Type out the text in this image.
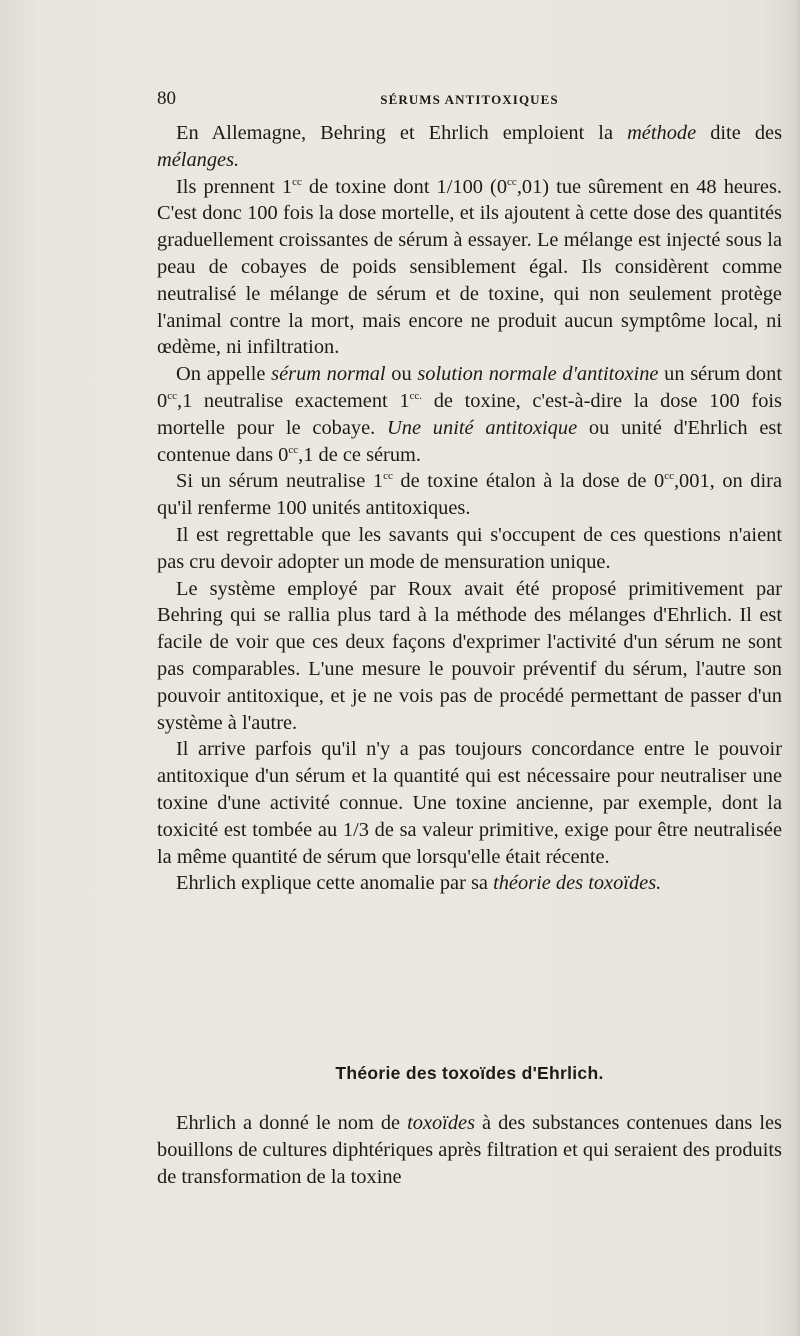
80	SÉRUMS ANTITOXIQUES

En Allemagne, Behring et Ehrlich emploient la méthode dite des mélanges.

Ils prennent $1^{cc}$ de toxine dont 1/100 $(0^{cc},01)$ tue sûrement en 48 heures. C'est donc 100 fois la dose mortelle, et ils ajoutent à cette dose des quantités graduellement croissantes de sérum à essayer. Le mélange est injecté sous la peau de cobayes de poids sensiblement égal. Ils considèrent comme neutralisé le mélange de sérum et de toxine, qui non seulement protège l'animal contre la mort, mais encore ne produit aucun symptôme local, ni œdème, ni infiltration.

On appelle sérum normal ou solution normale d'antitoxine un sérum dont $0^{cc},1$ neutralise exactement $1^{cc.}$ de toxine, c'est-à-dire la dose 100 fois mortelle pour le cobaye. Une unité antitoxique ou unité d'Ehrlich est contenue dans $0^{cc},1$ de ce sérum.

Si un sérum neutralise $1^{cc}$ de toxine étalon à la dose de $0^{cc},001$, on dira qu'il renferme 100 unités antitoxiques.

Il est regrettable que les savants qui s'occupent de ces questions n'aient pas cru devoir adopter un mode de mensuration unique.

Le système employé par Roux avait été proposé primitivement par Behring qui se rallia plus tard à la méthode des mélanges d'Ehrlich. Il est facile de voir que ces deux façons d'exprimer l'activité d'un sérum ne sont pas comparables. L'une mesure le pouvoir préventif du sérum, l'autre son pouvoir antitoxique, et je ne vois pas de procédé permettant de passer d'un système à l'autre.

Il arrive parfois qu'il n'y a pas toujours concordance entre le pouvoir antitoxique d'un sérum et la quantité qui est nécessaire pour neutraliser une toxine d'une activité connue. Une toxine ancienne, par exemple, dont la toxicité est tombée au 1/3 de sa valeur primitive, exige pour être neutralisée la même quantité de sérum que lorsqu'elle était récente.

Ehrlich explique cette anomalie par sa théorie des toxoïdes.

Théorie des toxoïdes d'Ehrlich.

Ehrlich a donné le nom de toxoïdes à des substances contenues dans les bouillons de cultures diphtériques après filtration et qui seraient des produits de transformation de la toxine
